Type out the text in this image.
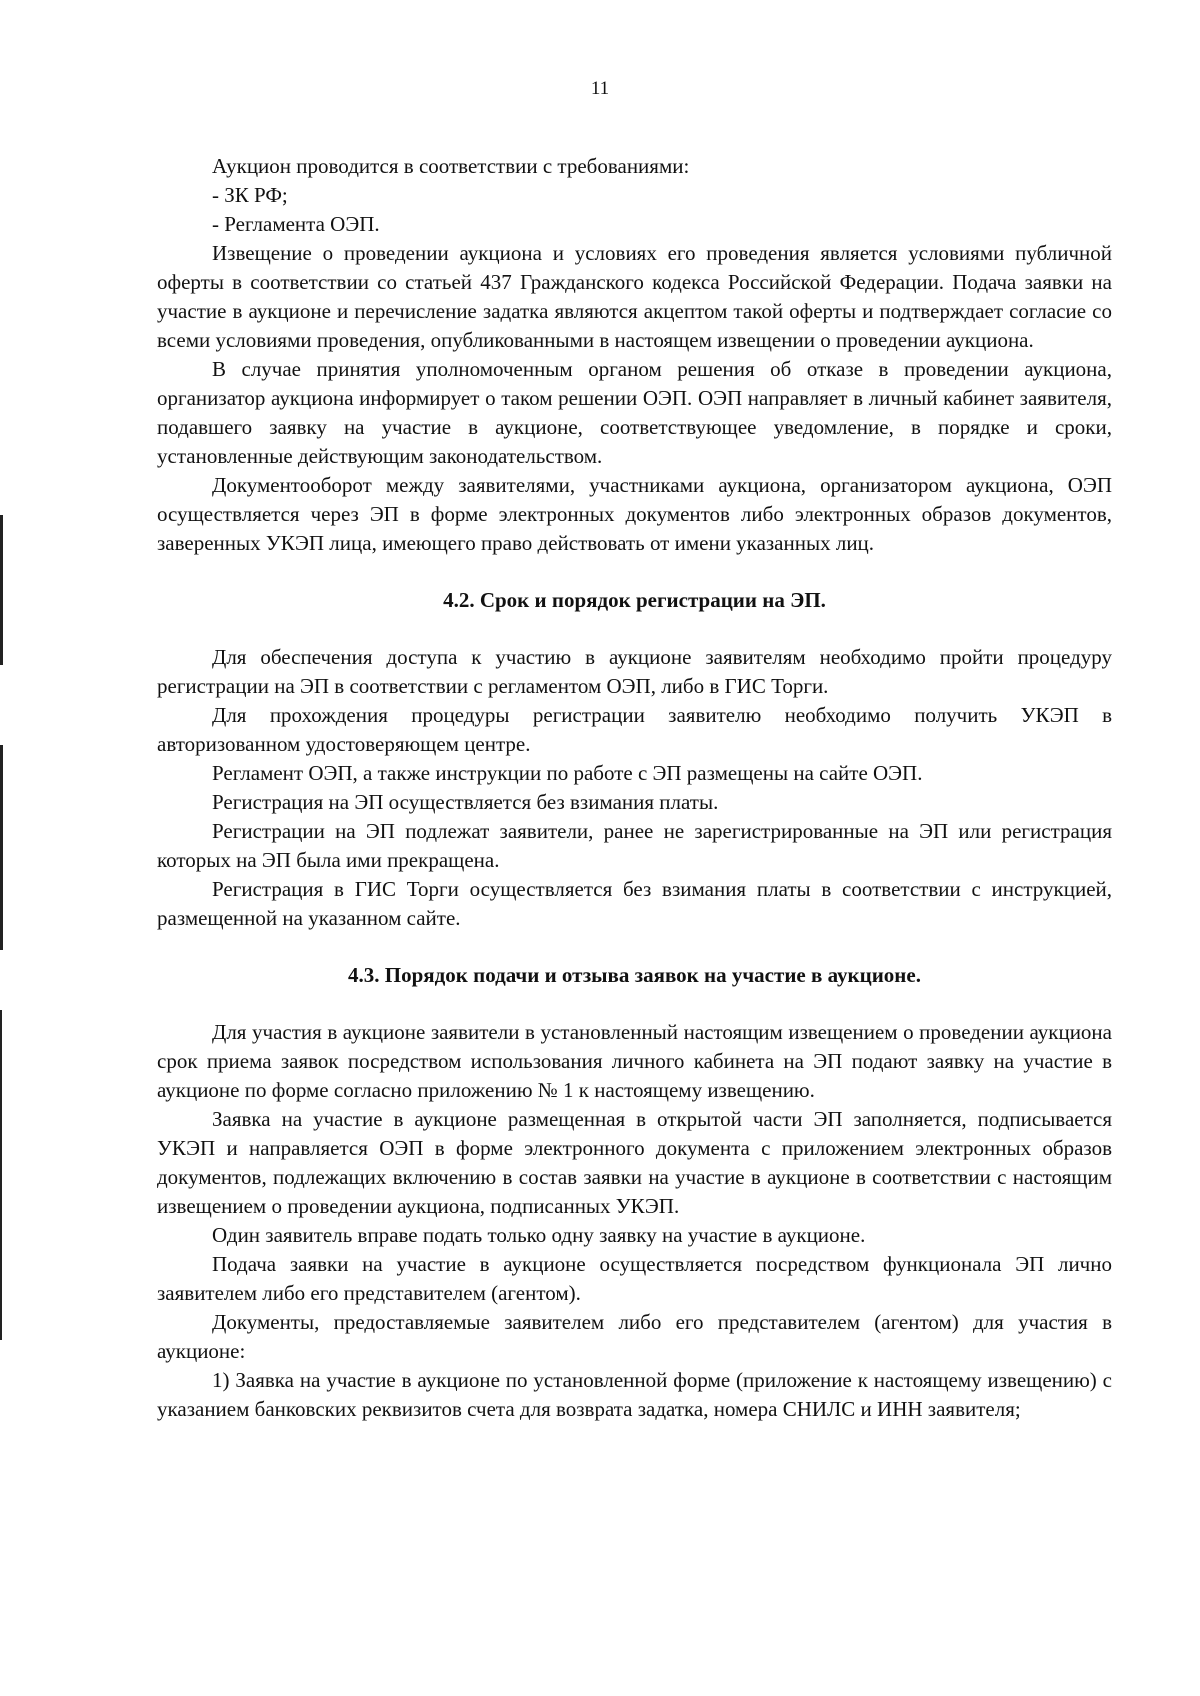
11

Аукцион проводится в соответствии с требованиями:

- ЗК РФ;

- Регламента ОЭП.

Извещение о проведении аукциона и условиях его проведения является условиями публичной оферты в соответствии со статьей 437 Гражданского кодекса Российской Федерации. Подача заявки на участие в аукционе и перечисление задатка являются акцептом такой оферты и подтверждает согласие со всеми условиями проведения, опубликованными в настоящем извещении о проведении аукциона.

В случае принятия уполномоченным органом решения об отказе в проведении аукциона, организатор аукциона информирует о таком решении ОЭП. ОЭП направляет в личный кабинет заявителя, подавшего заявку на участие в аукционе, соответствующее уведомление, в порядке и сроки, установленные действующим законодательством.

Документооборот между заявителями, участниками аукциона, организатором аукциона, ОЭП осуществляется через ЭП в форме электронных документов либо электронных образов документов, заверенных УКЭП лица, имеющего право действовать от имени указанных лиц.

4.2. Срок и порядок регистрации на ЭП.

Для обеспечения доступа к участию в аукционе заявителям необходимо пройти процедуру регистрации на ЭП в соответствии с регламентом ОЭП, либо в ГИС Торги.

Для прохождения процедуры регистрации заявителю необходимо получить УКЭП в авторизованном удостоверяющем центре.

Регламент ОЭП, а также инструкции по работе с ЭП размещены на сайте ОЭП.

Регистрация на ЭП осуществляется без взимания платы.

Регистрации на ЭП подлежат заявители, ранее не зарегистрированные на ЭП или регистрация которых на ЭП была ими прекращена.

Регистрация в ГИС Торги осуществляется без взимания платы в соответствии с инструкцией, размещенной на указанном сайте.

4.3. Порядок подачи и отзыва заявок на участие в аукционе.

Для участия в аукционе заявители в установленный настоящим извещением о проведении аукциона срок приема заявок посредством использования личного кабинета на ЭП подают заявку на участие в аукционе по форме согласно приложению № 1 к настоящему извещению.

Заявка на участие в аукционе размещенная в открытой части ЭП заполняется, подписывается УКЭП и направляется ОЭП в форме электронного документа с приложением электронных образов документов, подлежащих включению в состав заявки на участие в аукционе в соответствии с настоящим извещением о проведении аукциона, подписанных УКЭП.

Один заявитель вправе подать только одну заявку на участие в аукционе.

Подача заявки на участие в аукционе осуществляется посредством функционала ЭП лично заявителем либо его представителем (агентом).

Документы, предоставляемые заявителем либо его представителем (агентом) для участия в аукционе:

1) Заявка на участие в аукционе по установленной форме (приложение к настоящему извещению) с указанием банковских реквизитов счета для возврата задатка, номера СНИЛС и ИНН заявителя;
